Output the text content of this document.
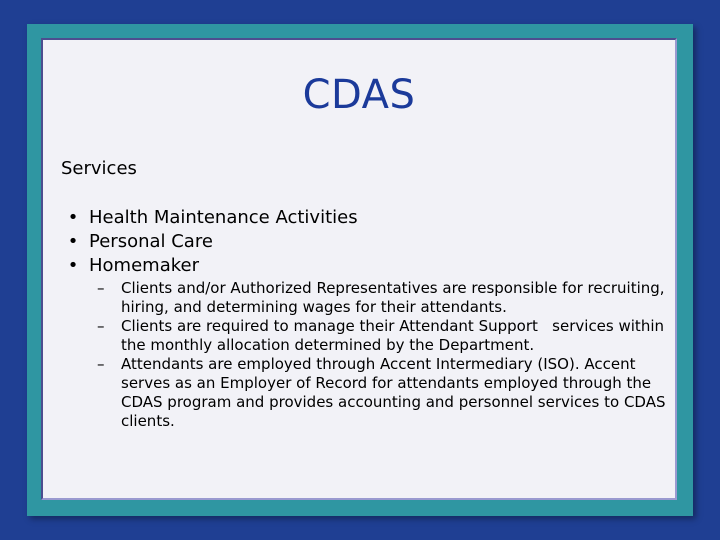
CDAS
Services
• Health Maintenance Activities
• Personal Care
• Homemaker
–	Clients and/or Authorized Representatives are responsible for recruiting, hiring, and determining wages for their attendants.
–	Clients are required to manage their Attendant Support   services within the monthly allocation determined by the Department.
–	Attendants are employed through Accent Intermediary (ISO). Accent serves as an Employer of Record for attendants employed through the CDAS program and provides accounting and personnel services to CDAS clients.
